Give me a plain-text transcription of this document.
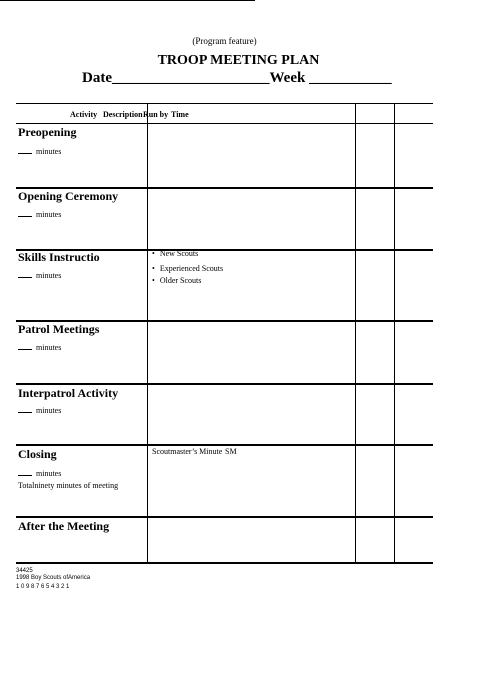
(Program feature)
TROOP MEETING PLAN
Date_____________________Week ___________
Activity Description Run by Time
Preopening
minutes
Opening Ceremony
minutes
Skills Instructio
minutes
• New Scouts
• Experienced Scouts
• Older Scouts
Patrol Meetings
minutes
Interpatrol Activity
minutes
Closing
minutes
Totalninety minutes of meeting
Scoutmaster’s Minute SM
After the Meeting
34425
1998 Boy Scouts ofAmerica
1 0 9 8 7 6 5 4 3 2 1
